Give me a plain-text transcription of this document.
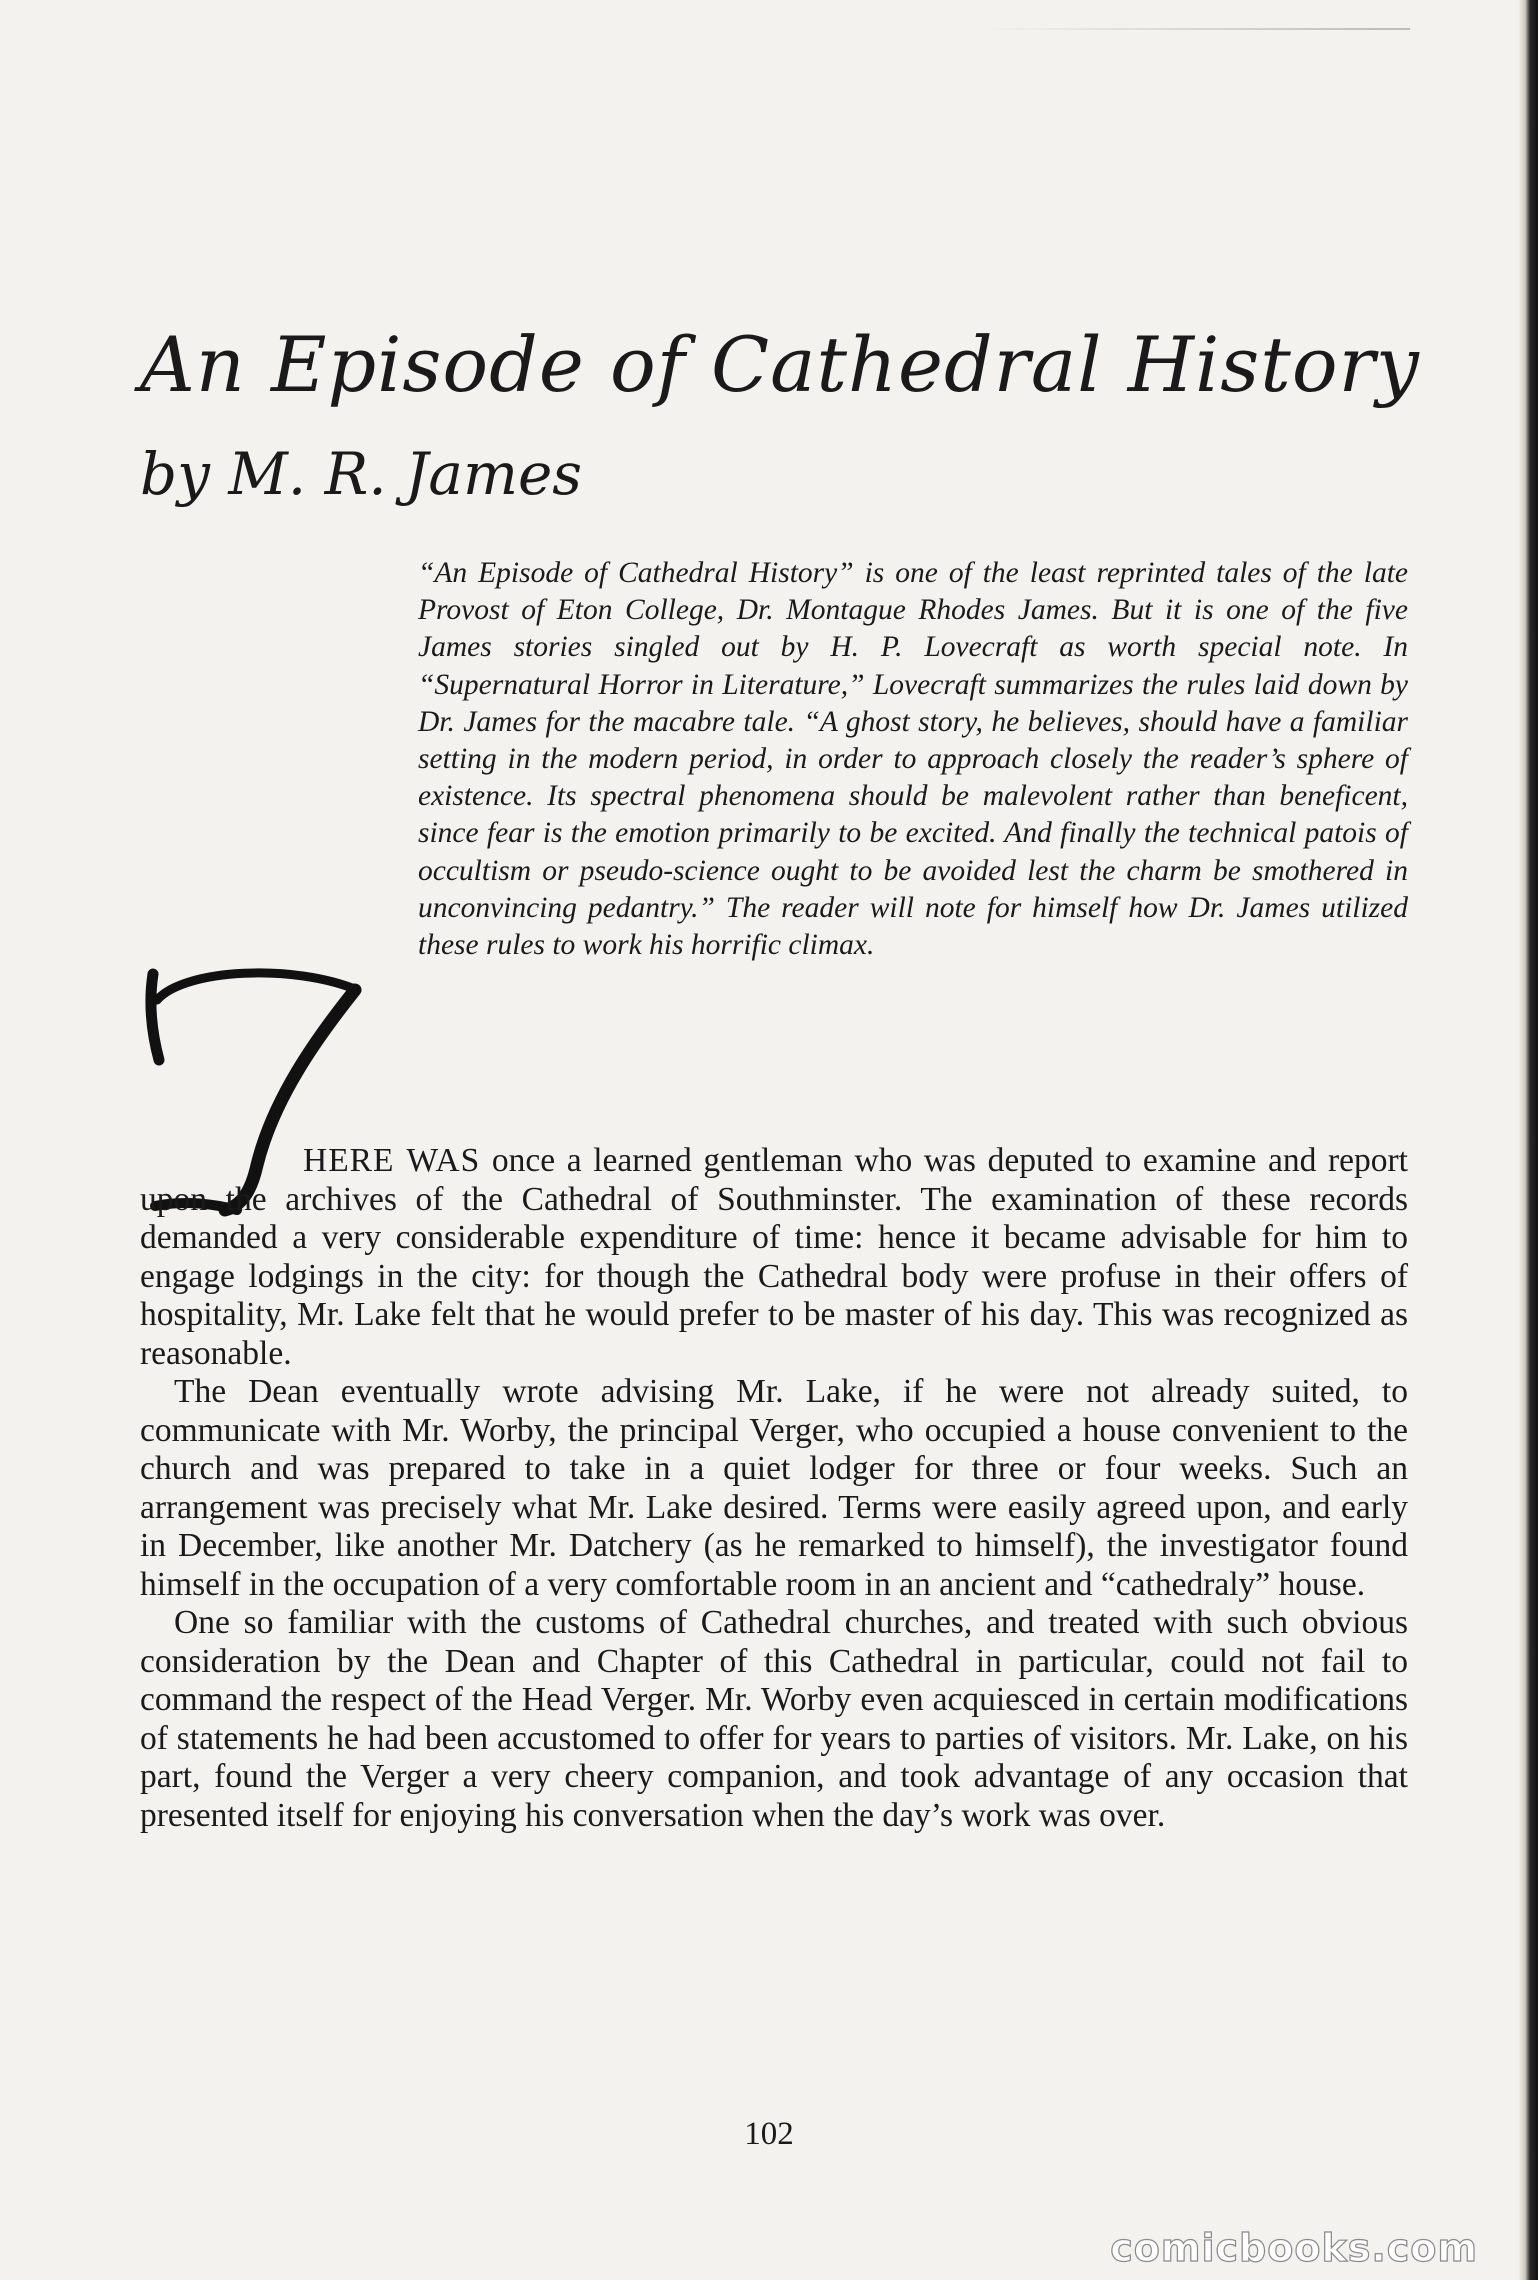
An Episode of Cathedral History
by M. R. James

“An Episode of Cathedral History” is one of the least reprinted tales of the late Provost of Eton College, Dr. Montague Rhodes James. But it is one of the five James stories singled out by H. P. Lovecraft as worth special note. In “Supernatural Horror in Literature,” Lovecraft summarizes the rules laid down by Dr. James for the macabre tale. “A ghost story, he believes, should have a familiar setting in the modern period, in order to approach closely the reader’s sphere of existence. Its spectral phenomena should be malevolent rather than beneficent, since fear is the emotion primarily to be excited. And finally the technical patois of occultism or pseudo-science ought to be avoided lest the charm be smothered in unconvincing pedantry.” The reader will note for himself how Dr. James utilized these rules to work his horrific climax.

HERE WAS once a learned gentleman who was deputed to examine and report upon the archives of the Cathedral of Southminster. The examination of these records demanded a very considerable expenditure of time: hence it became advisable for him to engage lodgings in the city: for though the Cathedral body were profuse in their offers of hospitality, Mr. Lake felt that he would prefer to be master of his day. This was recognized as reasonable.

The Dean eventually wrote advising Mr. Lake, if he were not already suited, to communicate with Mr. Worby, the principal Verger, who occupied a house convenient to the church and was prepared to take in a quiet lodger for three or four weeks. Such an arrangement was precisely what Mr. Lake desired. Terms were easily agreed upon, and early in December, like another Mr. Datchery (as he remarked to himself), the investigator found himself in the occupation of a very comfortable room in an ancient and “cathedraly” house.

One so familiar with the customs of Cathedral churches, and treated with such obvious consideration by the Dean and Chapter of this Cathedral in particular, could not fail to command the respect of the Head Verger. Mr. Worby even acquiesced in certain modifications of statements he had been accustomed to offer for years to parties of visitors. Mr. Lake, on his part, found the Verger a very cheery companion, and took advantage of any occasion that presented itself for enjoying his conversation when the day’s work was over.

102
comicbooks.com
